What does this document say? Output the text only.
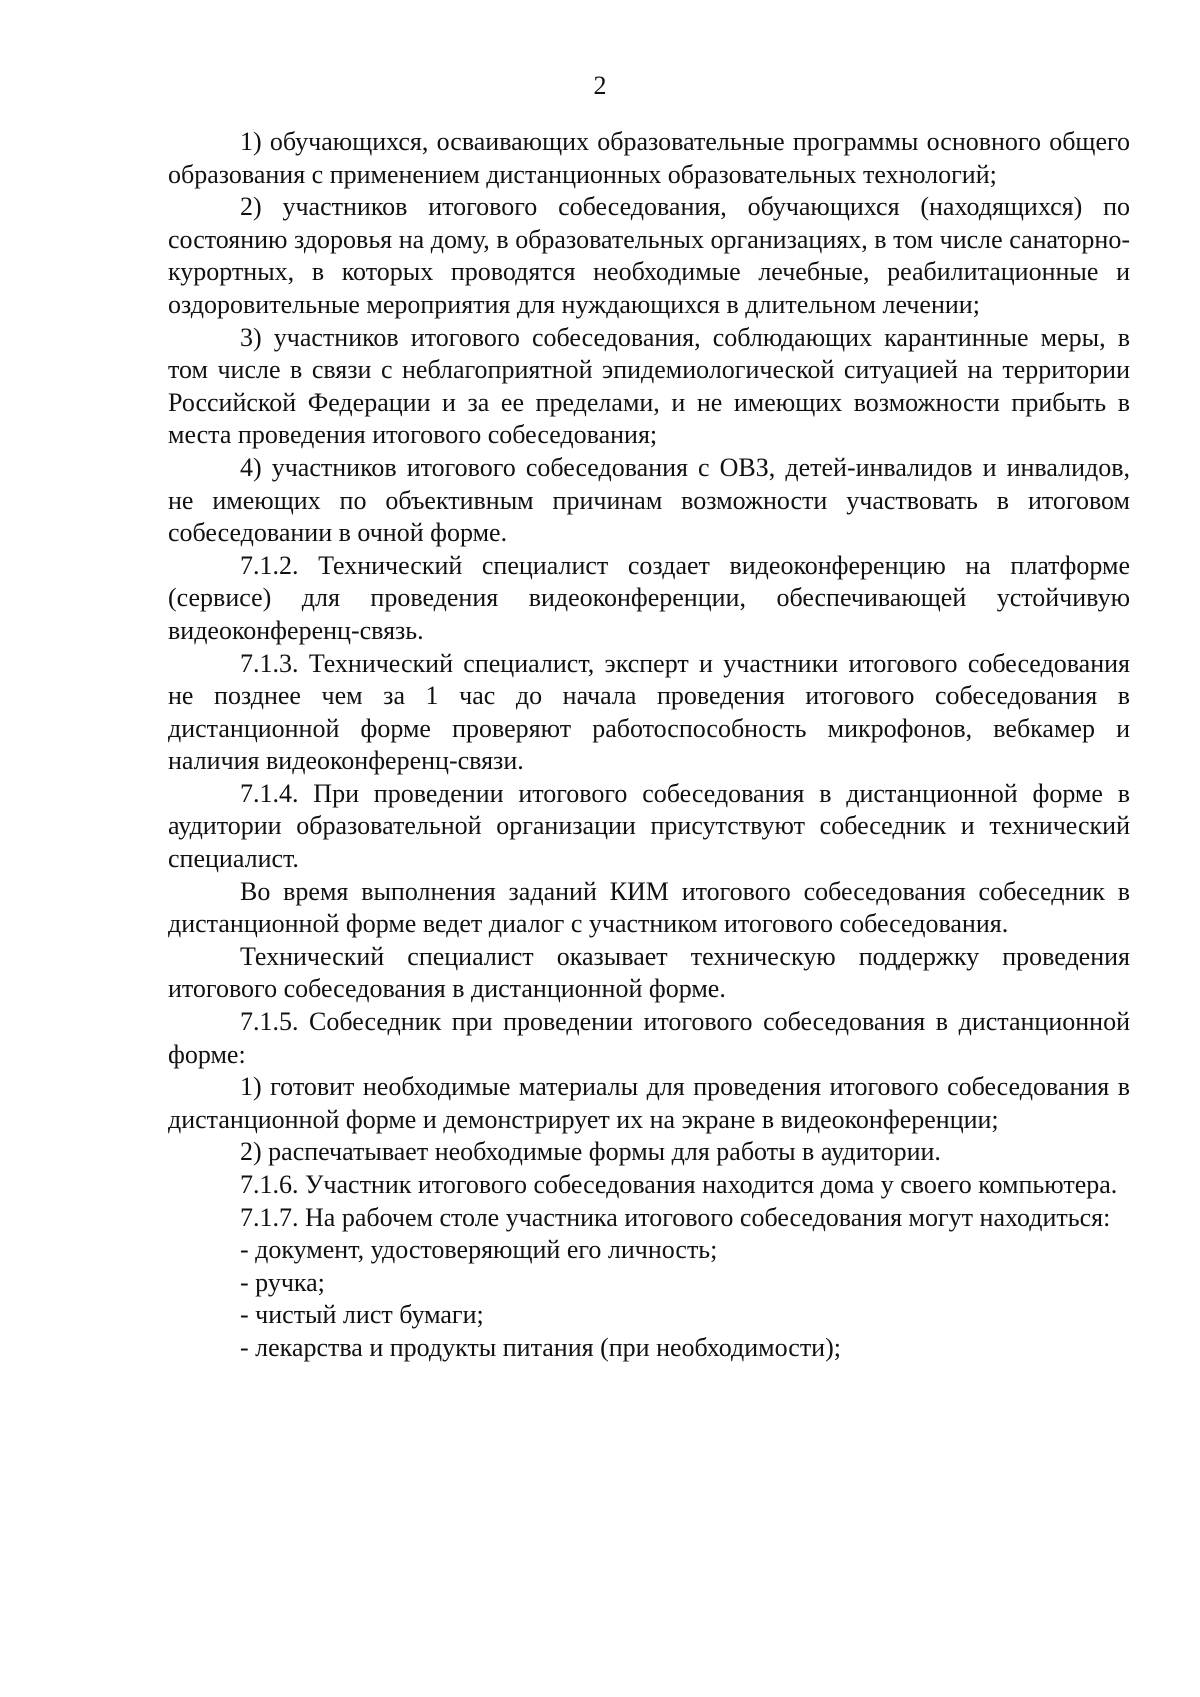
2

1) обучающихся, осваивающих образовательные программы основного общего образования с применением дистанционных образовательных технологий;

2) участников итогового собеседования, обучающихся (находящихся) по состоянию здоровья на дому, в образовательных организациях, в том числе санаторно-курортных, в которых проводятся необходимые лечебные, реабилитационные и оздоровительные мероприятия для нуждающихся в длительном лечении;

3) участников итогового собеседования, соблюдающих карантинные меры, в том числе в связи с неблагоприятной эпидемиологической ситуацией на территории Российской Федерации и за ее пределами, и не имеющих возможности прибыть в места проведения итогового собеседования;

4) участников итогового собеседования с ОВЗ, детей-инвалидов и инвалидов, не имеющих по объективным причинам возможности участвовать в итоговом собеседовании в очной форме.

7.1.2. Технический специалист создает видеоконференцию на платформе (сервисе) для проведения видеоконференции, обеспечивающей устойчивую видеоконференц-связь.

7.1.3. Технический специалист, эксперт и участники итогового собеседования не позднее чем за 1 час до начала проведения итогового собеседования в дистанционной форме проверяют работоспособность микрофонов, вебкамер и наличия видеоконференц-связи.

7.1.4. При проведении итогового собеседования в дистанционной форме в аудитории образовательной организации присутствуют собеседник и технический специалист.

Во время выполнения заданий КИМ итогового собеседования собеседник в дистанционной форме ведет диалог с участником итогового собеседования.

Технический специалист оказывает техническую поддержку проведения итогового собеседования в дистанционной форме.

7.1.5. Собеседник при проведении итогового собеседования в дистанционной форме:

1) готовит необходимые материалы для проведения итогового собеседования в дистанционной форме и демонстрирует их на экране в видеоконференции;

2) распечатывает необходимые формы для работы в аудитории.

7.1.6. Участник итогового собеседования находится дома у своего компьютера.

7.1.7. На рабочем столе участника итогового собеседования могут находиться:

- документ, удостоверяющий его личность;

- ручка;

- чистый лист бумаги;

- лекарства и продукты питания (при необходимости);
